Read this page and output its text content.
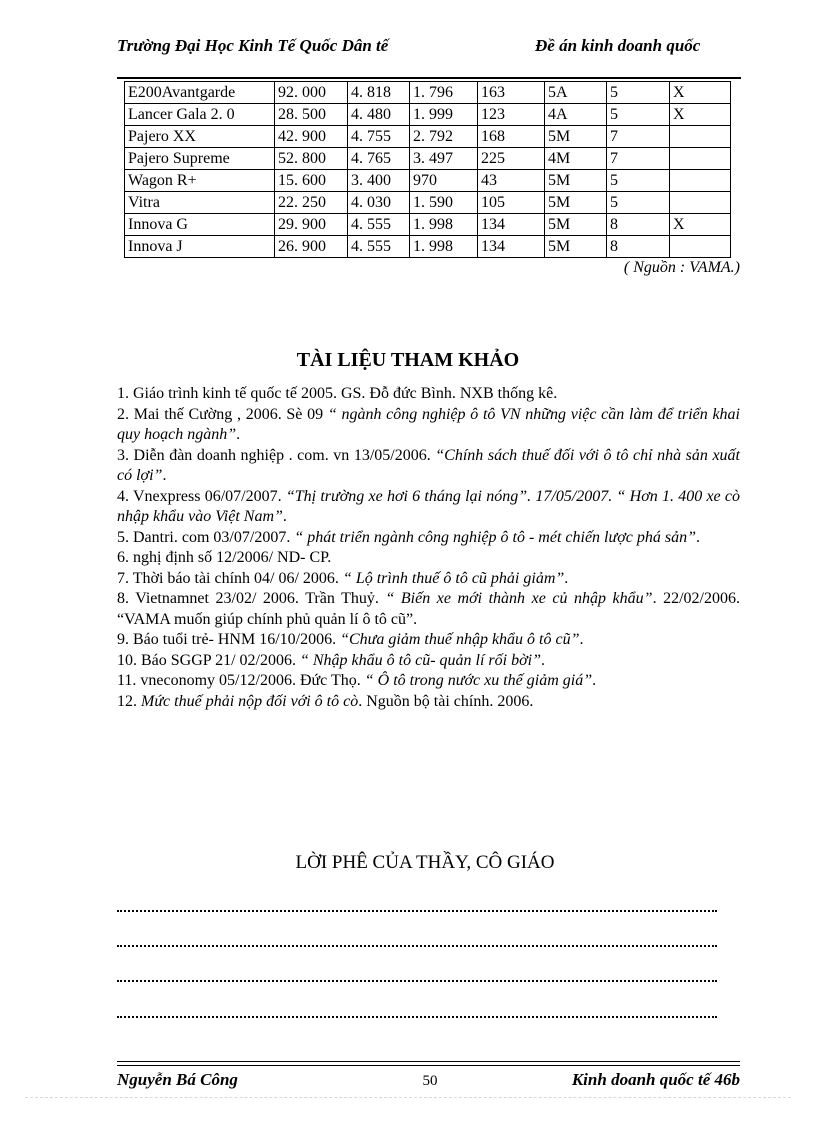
Trường Đại Học Kinh Tế Quốc Dân tế	Đề án kinh doanh quốc
E200Avantgarde	92. 000	4. 818	1. 796	163	5A	5	X
Lancer Gala 2. 0	28. 500	4. 480	1. 999	123	4A	5	X
Pajero XX	42. 900	4. 755	2. 792	168	5M	7	
Pajero Supreme	52. 800	4. 765	3. 497	225	4M	7	
Wagon R+	15. 600	3. 400	970	43	5M	5	
Vitra	22. 250	4. 030	1. 590	105	5M	5	
Innova G	29. 900	4. 555	1. 998	134	5M	8	X
Innova J	26. 900	4. 555	1. 998	134	5M	8	
( Nguồn : VAMA.)
TÀI LIỆU THAM KHẢO

1. Giáo trình kinh tế quốc tế 2005. GS. Đỗ đức Bình. NXB thống kê.

2. Mai thế Cường , 2006. Sè 09 “ ngành công nghiệp ô tô VN những việc cần làm để triển khai quy hoạch ngành”.

3. Diễn đàn doanh nghiệp . com. vn 13/05/2006. “Chính sách thuế đối với ô tô chỉ nhà sản xuất có lợi”.

4. Vnexpress 06/07/2007. “Thị trường xe hơi 6 tháng lại nóng”. 17/05/2007. “ Hơn 1. 400 xe cò nhập khẩu vào Việt Nam”.

5. Dantri. com 03/07/2007. “ phát triển ngành công nghiệp ô tô - mét chiến lược phá sản”.

6. nghị định số 12/2006/ ND- CP.

7. Thời báo tài chính 04/ 06/ 2006. “ Lộ trình thuế ô tô cũ phải giảm”.

8. Vietnamnet 23/02/ 2006. Trần Thuỷ. “ Biến xe mới thành xe củ nhập khẩu”. 22/02/2006. “VAMA muốn giúp chính phủ quản lí ô tô cũ”.

9. Báo tuổi trẻ- HNM 16/10/2006. “Chưa giảm thuế nhập khẩu ô tô cũ”.

10. Báo SGGP 21/ 02/2006. “ Nhập khẩu ô tô cũ- quản lí rối bời”.

11. vneconomy 05/12/2006. Đức Thọ. “ Ô tô trong nước xu thế giảm giá”.

12. Mức thuế phải nộp đối với ô tô cò. Nguồn bộ tài chính. 2006.

LỜI PHÊ CỦA THẦY, CÔ GIÁO
Nguyễn Bá Công	50	Kinh doanh quốc tế 46b
